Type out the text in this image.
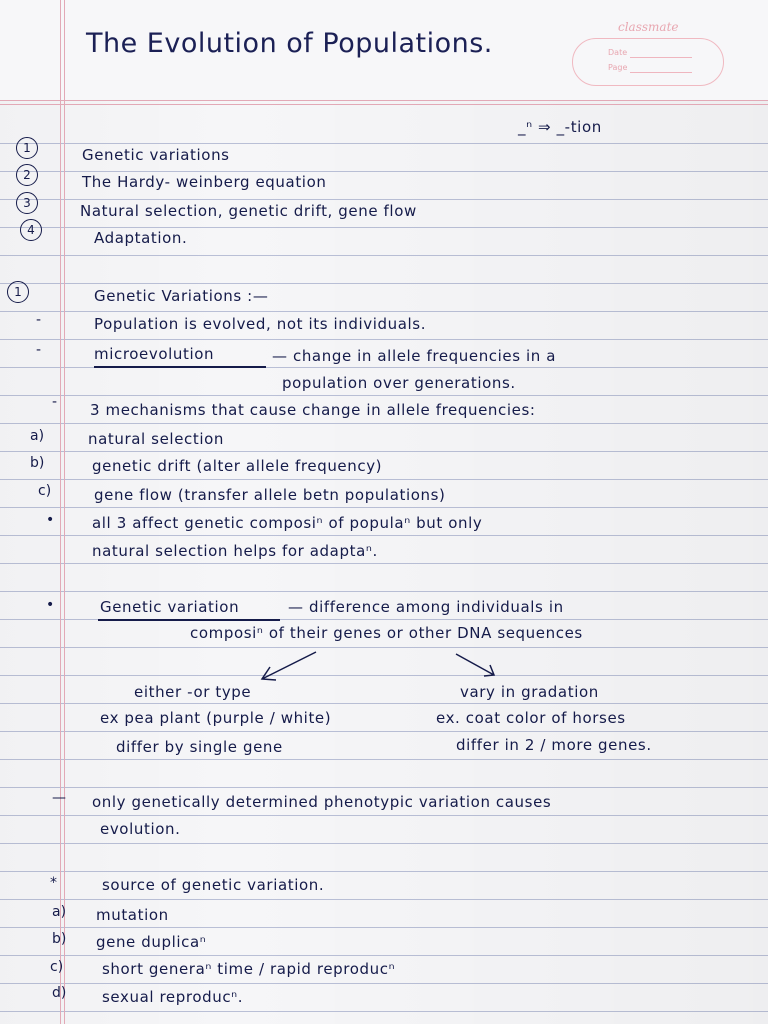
The Evolution of Populations.
classmate
Date
Page
_ⁿ ⇒ _-tion
1	Genetic variations
2	The Hardy- weinberg equation
3	Natural selection, genetic drift, gene flow
4	Adaptation.
1	Genetic Variations :—
-	Population is evolved, not its individuals.
-	microevolution	— change in allele frequencies in a
population over generations.
- 3 mechanisms that cause change in allele frequencies:
a)	natural selection
b)	genetic drift (alter allele frequency)
c)	gene flow (transfer allele betn populations)
•	all 3 affect genetic composiⁿ of populaⁿ but only
natural selection helps for adaptaⁿ.
•	Genetic variation	— difference among individuals in
composiⁿ of their genes or other DNA sequences
either -or type
ex pea plant (purple / white)
differ by single gene
vary in gradation
ex. coat color of horses
differ in 2 / more genes.
— only genetically determined phenotypic variation causes
evolution.
*	source of genetic variation.
a) mutation
b) gene duplicaⁿ
c)	short generaⁿ time / rapid reproducⁿ
d) sexual reproducⁿ.
